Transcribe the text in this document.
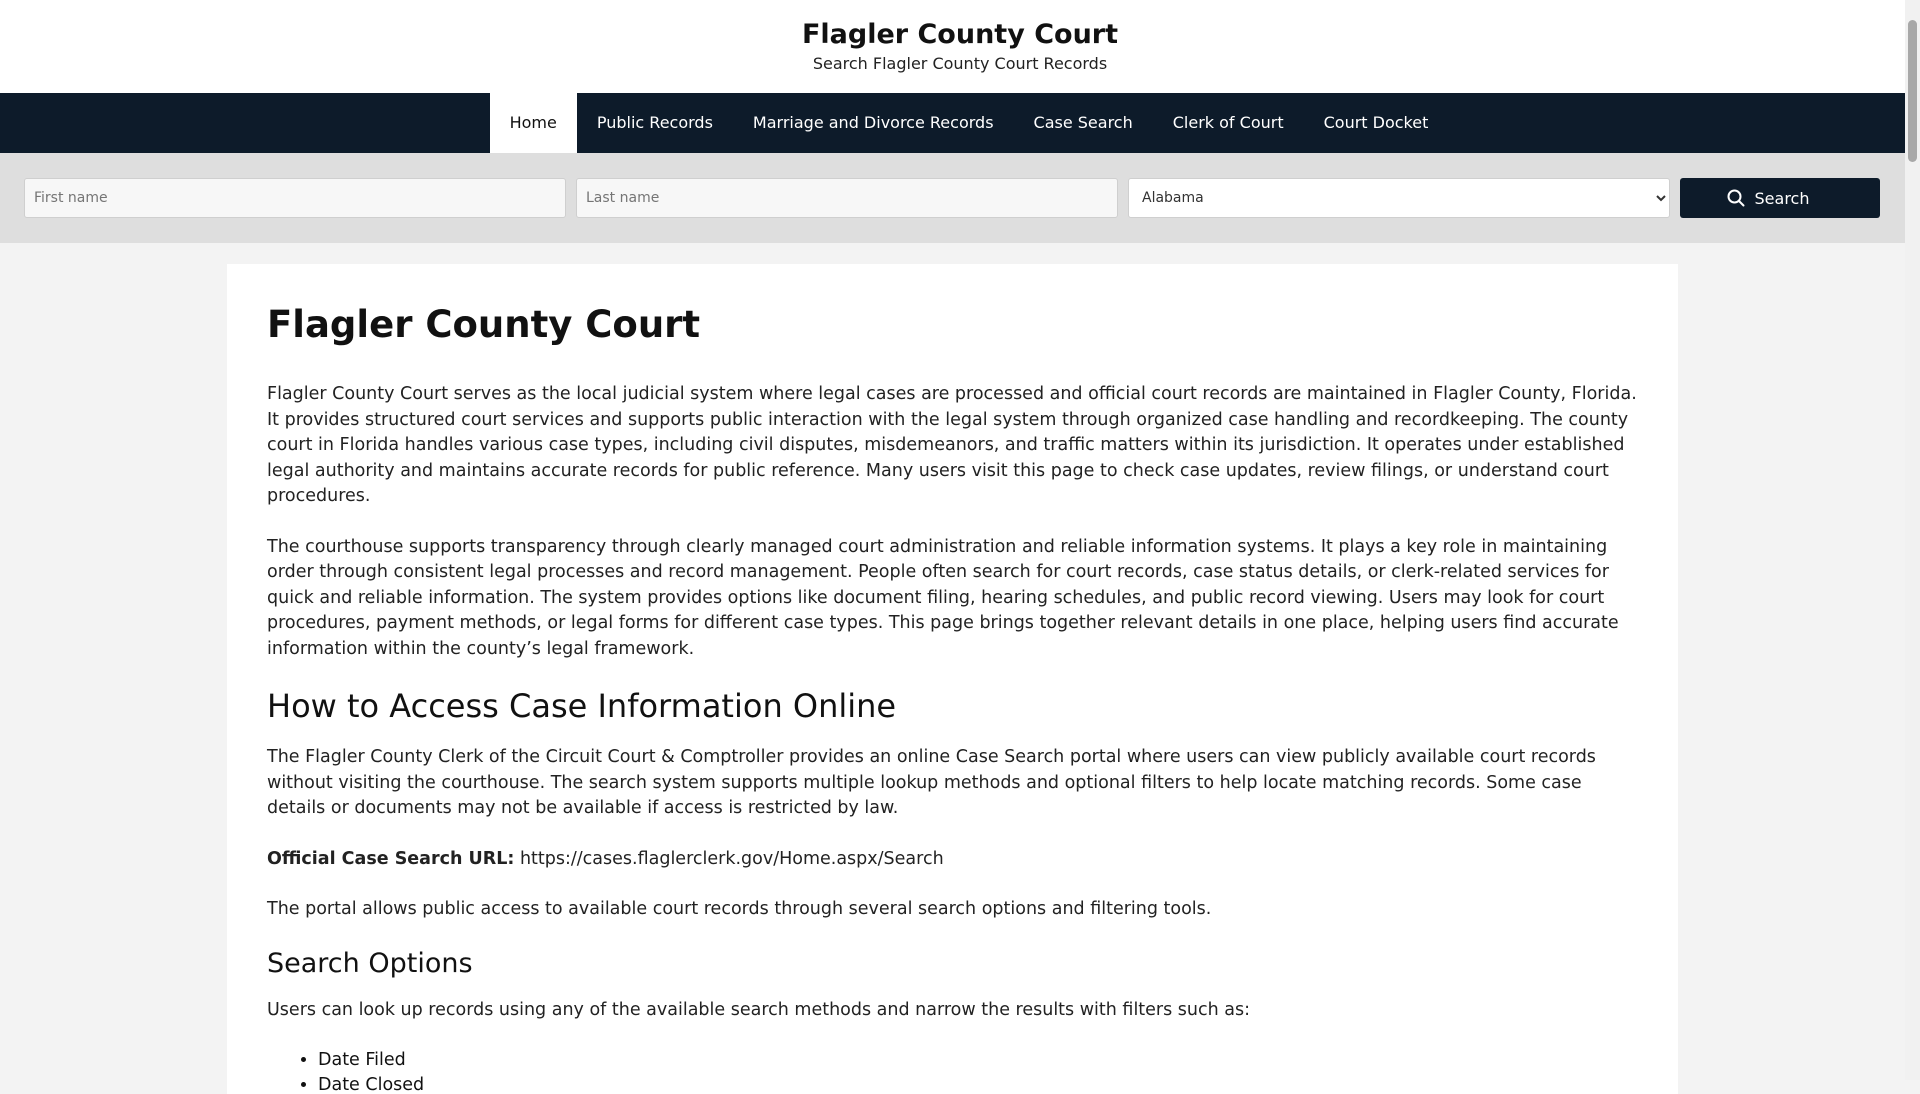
Flagler County Court
Search Flagler County Court Records
Home	Public Records	Marriage and Divorce Records	Case Search	Clerk of Court	Court Docket
First name
Last name
Alabama
Search
Flagler County Court

Flagler County Court serves as the local judicial system where legal cases are processed and official court records are maintained in Flagler County, Florida. It provides structured court services and supports public interaction with the legal system through organized case handling and recordkeeping. The county court in Florida handles various case types, including civil disputes, misdemeanors, and traffic matters within its jurisdiction. It operates under established legal authority and maintains accurate records for public reference. Many users visit this page to check case updates, review filings, or understand court procedures.

The courthouse supports transparency through clearly managed court administration and reliable information systems. It plays a key role in maintaining order through consistent legal processes and record management. People often search for court records, case status details, or clerk-related services for quick and reliable information. The system provides options like document filing, hearing schedules, and public record viewing. Users may look for court procedures, payment methods, or legal forms for different case types. This page brings together relevant details in one place, helping users find accurate information within the county’s legal framework.

How to Access Case Information Online

The Flagler County Clerk of the Circuit Court & Comptroller provides an online Case Search portal where users can view publicly available court records without visiting the courthouse. The search system supports multiple lookup methods and optional filters to help locate matching records. Some case details or documents may not be available if access is restricted by law.

Official Case Search URL: https://cases.flaglerclerk.gov/Home.aspx/Search

The portal allows public access to available court records through several search options and filtering tools.

Search Options

Users can look up records using any of the available search methods and narrow the results with filters such as:

• Date Filed
• Date Closed
